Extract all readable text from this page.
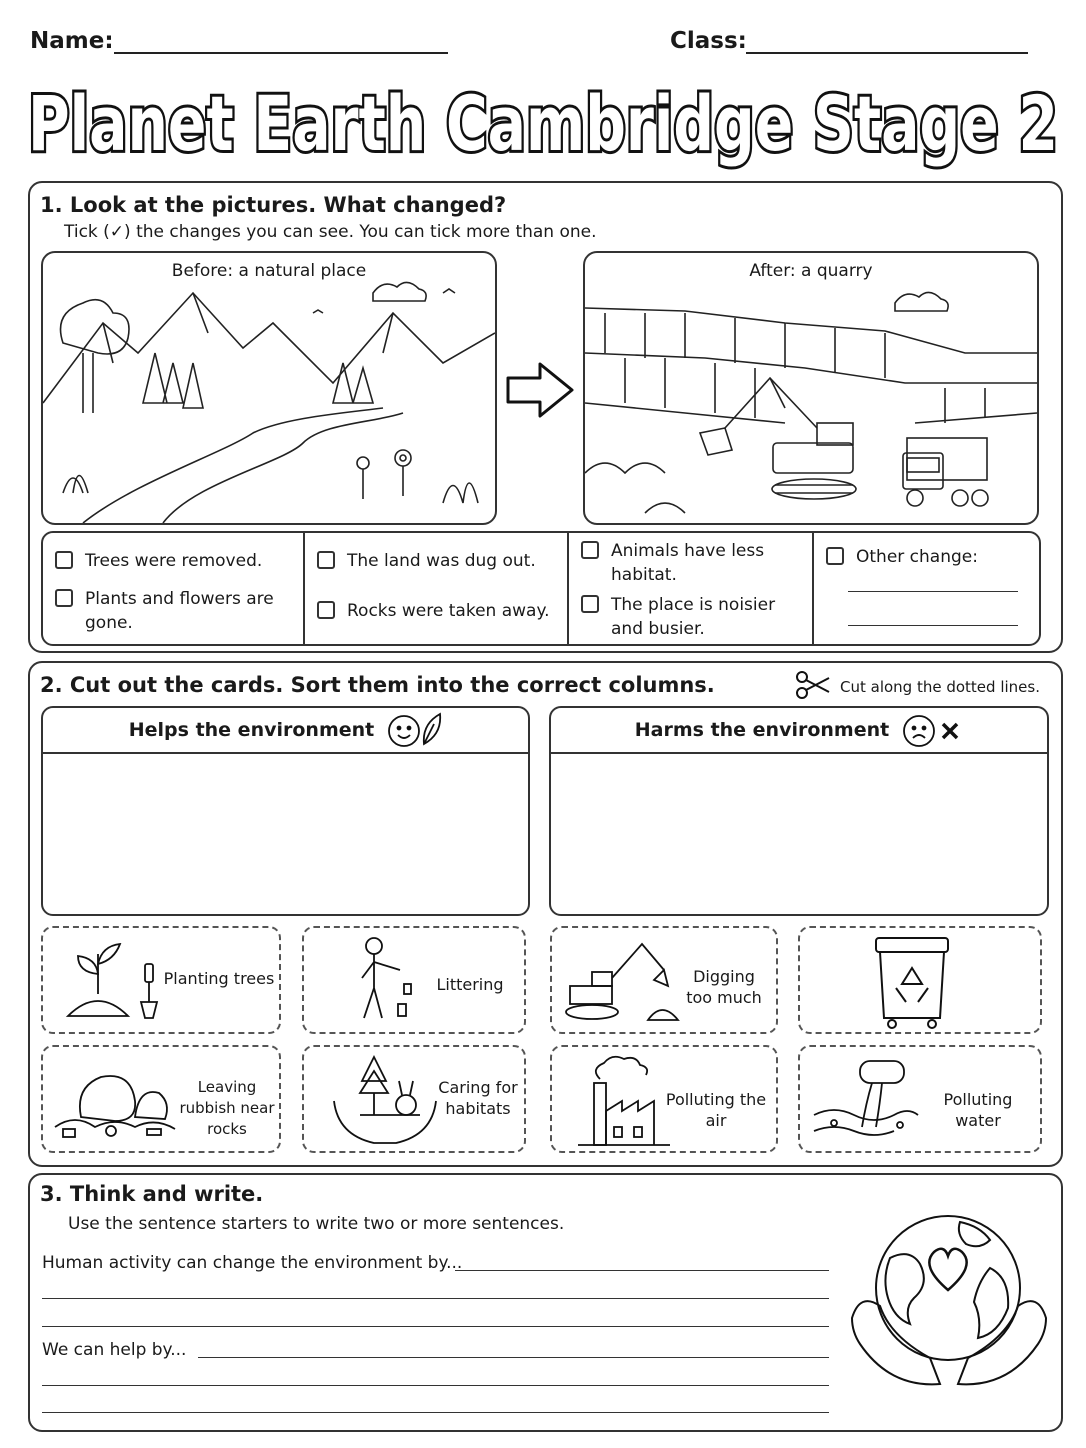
Name:	Class:
Planet Earth Cambridge Stage 2
1. Look at the pictures. What changed?
Tick (✓) the changes you can see. You can tick more than one.
Before: a natural place	After: a quarry
Trees were removed.
Plants and flowers are gone.
The land was dug out.
Rocks were taken away.
Animals have less habitat.
The place is noisier and busier.
Other change:
2. Cut out the cards. Sort them into the correct columns.	Cut along the dotted lines.
Helps the environment	Harms the environment
Planting trees	Littering	Digging too much
Leaving rubbish near rocks
Caring for habitats	Polluting the air
Polluting water
3. Think and write.
Use the sentence starters to write two or more sentences.
Human activity can change the environment by...
We can help by...
